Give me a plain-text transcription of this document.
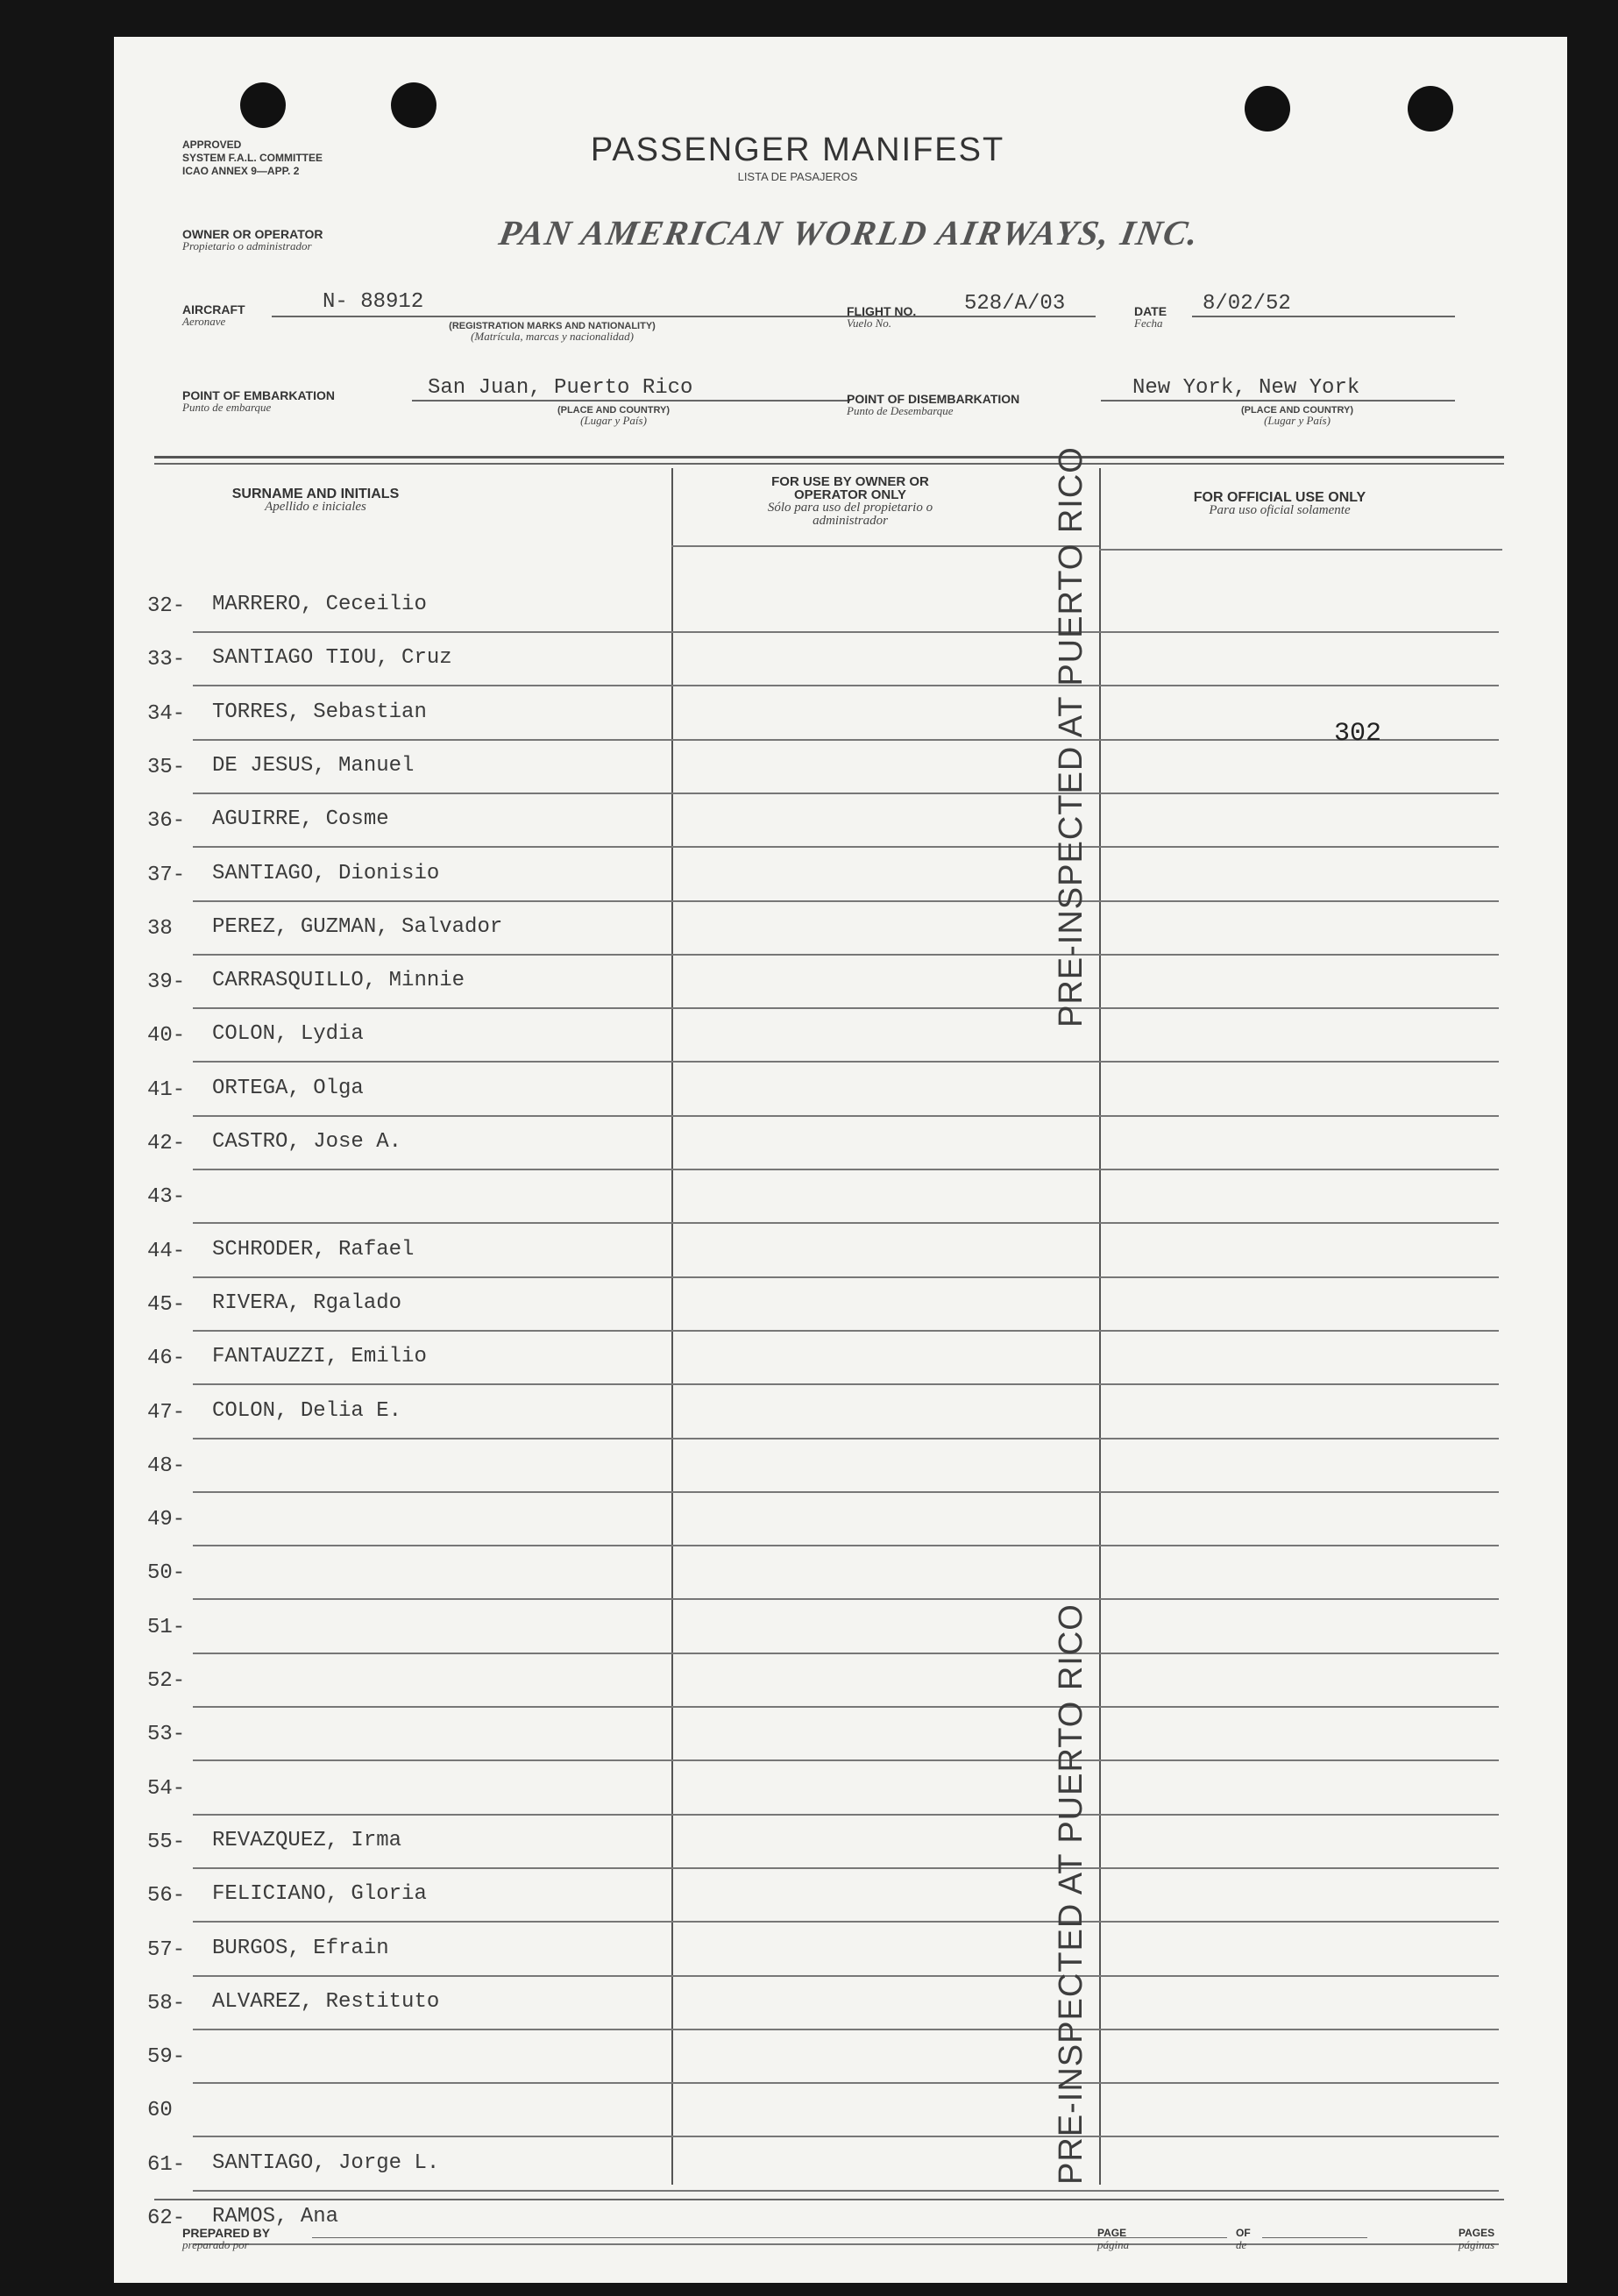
APPROVED
SYSTEM F.A.L. COMMITTEE
ICAO ANNEX 9—APP. 2
PASSENGER MANIFEST
LISTA DE PASAJEROS
OWNER OR OPERATOR
Propietario o administrador	PAN AMERICAN WORLD AIRWAYS, INC.
AIRCRAFT
Aeronave
N- 88912
(REGISTRATION MARKS AND NATIONALITY)
(Matrícula, marcas y nacionalidad)
FLIGHT NO.
Vuelo No.
528/A/03	DATE
Fecha
8/02/52
POINT OF EMBARKATION
Punto de embarque
San Juan, Puerto Rico
(PLACE AND COUNTRY)
(Lugar y País)
POINT OF DISEMBARKATION
Punto de Desembarque
New York, New York
(PLACE AND COUNTRY)
(Lugar y País)
SURNAME AND INITIALS
Apellido e iniciales
FOR USE BY OWNER OR OPERATOR ONLY
Sólo para uso del propietario o administrador
FOR OFFICIAL USE ONLY
Para uso oficial solamente
32- MARRERO, Ceceilio
33- SANTIAGO TIOU, Cruz
34- TORRES, Sebastian
35- DE JESUS, Manuel
36- AGUIRRE, Cosme
37- SANTIAGO, Dionisio
38 PEREZ, GUZMAN, Salvador
39- CARRASQUILLO, Minnie
40- COLON, Lydia
41- ORTEGA, Olga
42- CASTRO, Jose A.
43-
44- SCHRODER, Rafael
45- RIVERA, Rgalado
46- FANTAUZZI, Emilio
47- COLON, Delia E.
48-
49-
50-
51-
52-
53-
54-
55- REVAZQUEZ, Irma
56- FELICIANO, Gloria
57- BURGOS, Efrain
58- ALVAREZ, Restituto
59-
60
61- SANTIAGO, Jorge L.
62- RAMOS, Ana
302
PRE-INSPECTED AT PUERTO RICO
PRE-INSPECTED AT PUERTO RICO
PREPARED BY
preparado por
PAGE
página
OF
de
PAGES
páginas
